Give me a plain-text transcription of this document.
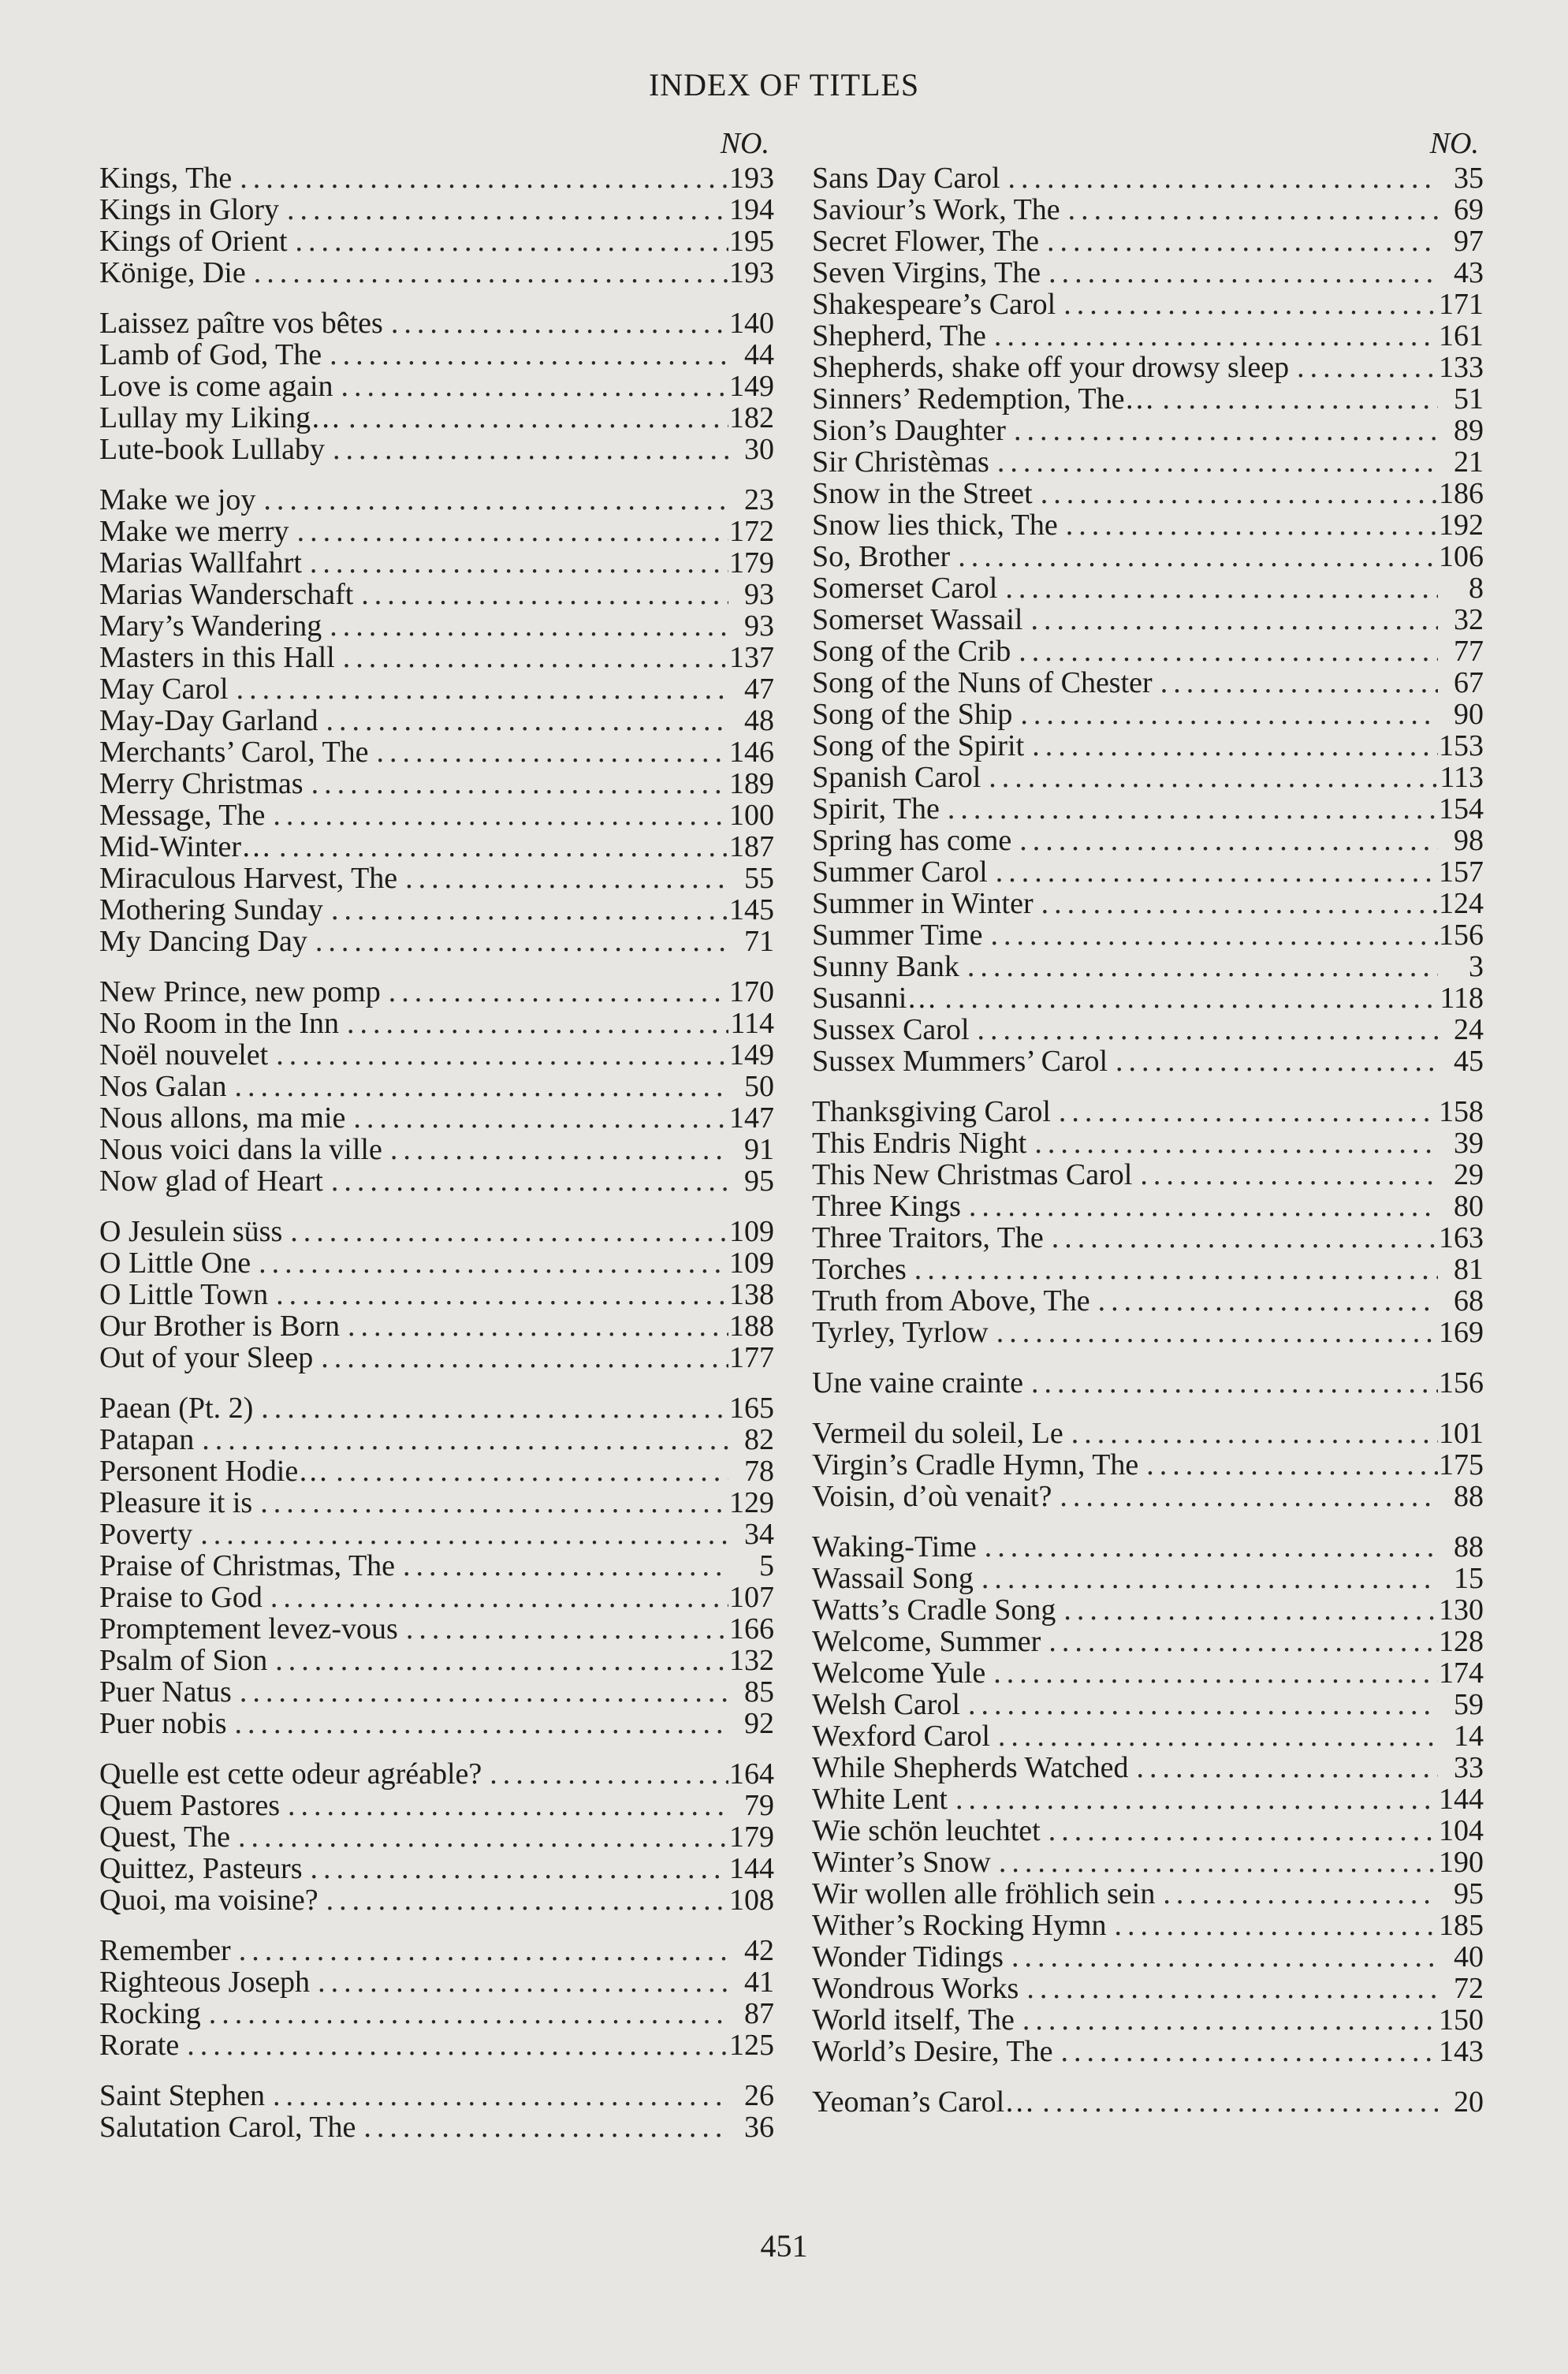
INDEX OF TITLES
NO.
Kings, The .....	193
Kings in Glory .....	194
Kings of Orient .....	195
Könige, Die .....	193
Laissez paître vos bêtes .....	140
Lamb of God, The .....	44
Love is come again .....	149
Lullay my Liking… .....	182
Lute-book Lullaby .....	30
Make we joy .....	23
Make we merry .....	172
Marias Wallfahrt .....	179
Marias Wanderschaft .....	93
Mary’s Wandering .....	93
Masters in this Hall .....	137
May Carol .....	47
May-Day Garland .....	48
Merchants’ Carol, The .....	146
Merry Christmas .....	189
Message, The .....	100
Mid-Winter… .....	187
Miraculous Harvest, The .....	55
Mothering Sunday .....	145
My Dancing Day .....	71
New Prince, new pomp .....	170
No Room in the Inn .....	114
Noël nouvelet .....	149
Nos Galan .....	50
Nous allons, ma mie .....	147
Nous voici dans la ville .....	91
Now glad of Heart .....	95
O Jesulein süss .....	109
O Little One .....	109
O Little Town .....	138
Our Brother is Born .....	188
Out of your Sleep .....	177
Paean (Pt. 2) .....	165
Patapan .....	82
Personent Hodie… .....	78
Pleasure it is .....	129
Poverty .....	34
Praise of Christmas, The .....	5
Praise to God .....	107
Promptement levez-vous .....	166
Psalm of Sion .....	132
Puer Natus .....	85
Puer nobis .....	92
Quelle est cette odeur agréable? .....	164
Quem Pastores .....	79
Quest, The .....	179
Quittez, Pasteurs .....	144
Quoi, ma voisine? .....	108
Remember .....	42
Righteous Joseph .....	41
Rocking .....	87
Rorate .....	125
Saint Stephen .....	26
Salutation Carol, The .....	36
NO.
Sans Day Carol .....	35
Saviour’s Work, The .....	69
Secret Flower, The .....	97
Seven Virgins, The .....	43
Shakespeare’s Carol .....	171
Shepherd, The .....	161
Shepherds, shake off your drowsy sleep .....	133
Sinners’ Redemption, The… .....	51
Sion’s Daughter .....	89
Sir Christèmas .....	21
Snow in the Street .....	186
Snow lies thick, The .....	192
So, Brother .....	106
Somerset Carol .....	8
Somerset Wassail .....	32
Song of the Crib .....	77
Song of the Nuns of Chester .....	67
Song of the Ship .....	90
Song of the Spirit .....	153
Spanish Carol .....	113
Spirit, The .....	154
Spring has come .....	98
Summer Carol .....	157
Summer in Winter .....	124
Summer Time .....	156
Sunny Bank .....	3
Susanni… .....	118
Sussex Carol .....	24
Sussex Mummers’ Carol .....	45
Thanksgiving Carol .....	158
This Endris Night .....	39
This New Christmas Carol .....	29
Three Kings .....	80
Three Traitors, The .....	163
Torches .....	81
Truth from Above, The .....	68
Tyrley, Tyrlow .....	169
Une vaine crainte .....	156
Vermeil du soleil, Le .....	101
Virgin’s Cradle Hymn, The .....	175
Voisin, d’où venait? .....	88
Waking-Time .....	88
Wassail Song .....	15
Watts’s Cradle Song .....	130
Welcome, Summer .....	128
Welcome Yule .....	174
Welsh Carol .....	59
Wexford Carol .....	14
While Shepherds Watched .....	33
White Lent .....	144
Wie schön leuchtet .....	104
Winter’s Snow .....	190
Wir wollen alle fröhlich sein .....	95
Wither’s Rocking Hymn .....	185
Wonder Tidings .....	40
Wondrous Works .....	72
World itself, The .....	150
World’s Desire, The .....	143
Yeoman’s Carol… .....	20
451
